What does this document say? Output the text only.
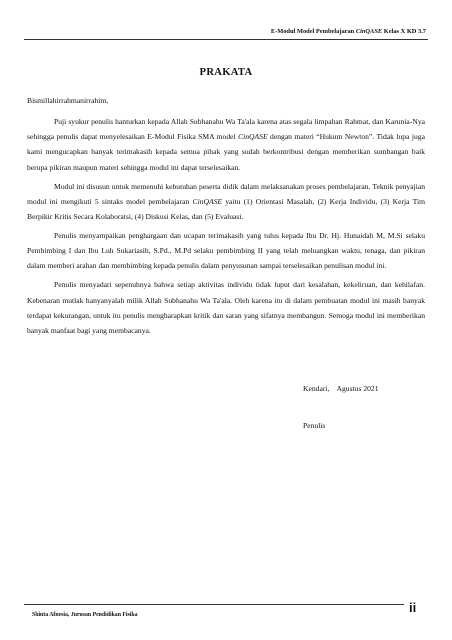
E-Modul Model Pembelajaran CinQASE Kelas X KD 3.7
PRAKATA
Bismillahirrahmanirrahim,

Puji syukur penulis hanturkan kepada Allah Subhanahu Wa Ta'ala karena atas segala limpahan Rahmat, dan Karunia-Nya sehingga penulis dapat menyelesaikan E-Modul Fisika SMA model CinQASE dengan materi “Hukum Newton”. Tidak lupa juga kami mengucapkan banyak terimakasih kepada semua pihak yang sudah berkontribusi dengan memberikan sumbangan baik berupa pikiran maupun materi sehingga modul ini dapat terselesaikan.

Modul ini disusun untuk memenuhi kebutuhan peserta didik dalam melaksanakan proses pembelajaran. Teknik penyajian modul ini mengikuti 5 sintaks model pembelajaran CinQASE yaitu (1) Orientasi Masalah, (2) Kerja Individu, (3) Kerja Tim Berpikir Kritis Secara Kolaboratsi, (4) Diskusi Kelas, dan (5) Evaluasi.

Penulis menyampaikan penghargaan dan ucapan terimakasih yang tulus kepada Ibu Dr. Hj. Hunaidah M, M.Si selaku Pembimbing I dan Ibu Luh Sukariasih, S.Pd., M.Pd selaku pembimbing II yang telah meluangkan waktu, tenaga, dan pikiran dalam memberi arahan dan membimbing kepada penulis dalam penyusunan sampai terselesaikan penulisan modul ini.

Penulis menyadari sepenuhnya bahwa setiap aktivitas individu tidak luput dari kesalahan, kekeliruan, dan kehilafan. Kebenaran mutlak hanyanyalah milik Allah Subhanahu Wa Ta'ala. Oleh karena itu di dalam pembuatan modul ini masih banyak terdapat kekurangan, untuk itu penulis mengharapkan kritik dan saran yang sifatnya membangun. Semoga modul ini memberikan banyak manfaat bagi yang membacanya.

Kendari,    Agustus 2021
Penulis
Shinta Afnesia, Jurusan Pendidikan Fisika	ii
